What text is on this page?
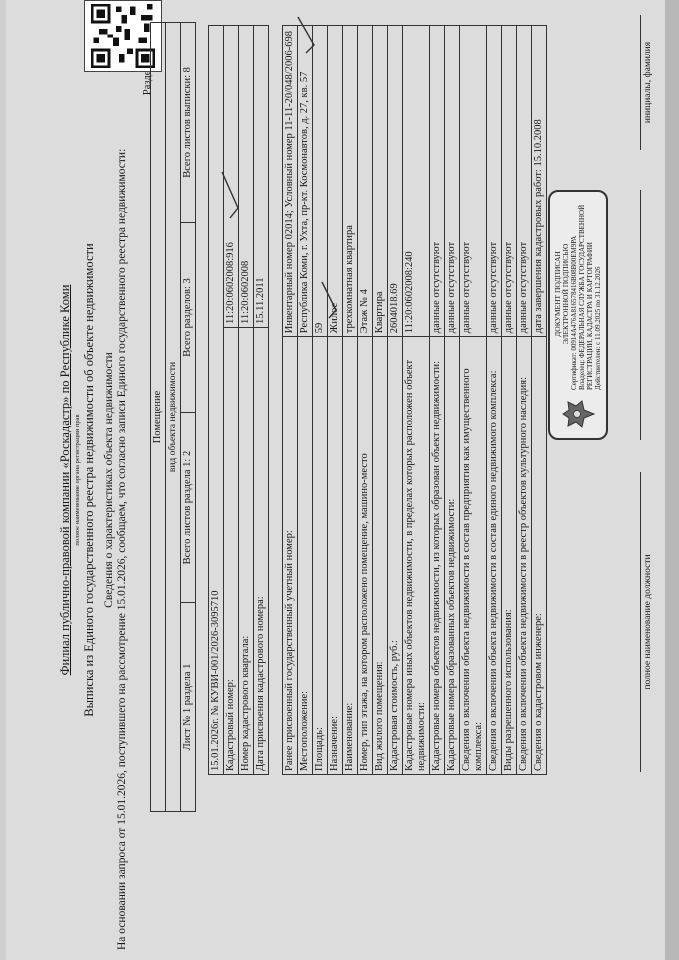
Филиал публично-правовой компании «Роскадастр» по Республике Коми полное наименование органа регистрации прав Выписка из Единого государственного реестра недвижимости об объекте недвижимости Сведения о характеристиках объекта недвижимости На основании запроса от 15.01.2026, поступившего на рассмотрение 15.01.2026, сообщаем, что согласно записи Единого государственного реестра недвижимости:
Раздел
Помещение
вид объекта недвижимости
Лист № 1 раздела 1	Всего листов раздела 1: 2	Всего разделов: 3	Всего листов выписки: 8
15.01.2026г. № КУВИ-001/2026-3095710	
Кадастровый номер:	11:20:0602008:916
Номер кадастрового квартала:	11:20:0602008
Дата присвоения кадастрового номера:	15.11.2011
Ранее присвоенный государственный учетный номер:	Инвентарный номер 02014; Условный номер 11-11-20/048/2006-698
Местоположение:	Республика Коми, г. Ухта, пр-кт. Космонавтов, д. 27, кв. 57
Площадь:	59
Назначение:	Жилое
Наименование:	трехкомнатная квартира
Номер, тип этажа, на котором расположено помещение, машино-место	Этаж № 4
Вид жилого помещения:	Квартира
Кадастровая стоимость, руб.:	2604018.69
Кадастровые номера иных объектов недвижимости, в пределах которых расположен объект недвижимости:	11:20:0602008:240
Кадастровые номера объектов недвижимости, из которых образован объект недвижимости:	данные отсутствуют
Кадастровые номера образованных объектов недвижимости:	данные отсутствуют
Сведения о включении объекта недвижимости в состав предприятия как имущественного комплекса:	данные отсутствуют
Сведения о включении объекта недвижимости в состав единого недвижимого комплекса:	данные отсутствуют
Виды разрешенного использования:	данные отсутствуют
Сведения о включении объекта недвижимости в реестр объектов культурного наследия:	данные отсутствуют
Сведения о кадастровом инженере:	дата завершения кадастровых работ: 15.10.2008
полное наименование должности
инициалы, фамилия
ДОКУМЕНТ ПОДПИСАН ЭЛЕКТРОННОЙ ПОДПИСЬЮ Сертификат: 00914А476A816578416В08В00ЕМ9РА Владелец: ФЕДЕРАЛЬНАЯ СЛУЖБА ГОСУДАРСТВЕННОЙ РЕГИСТРАЦИИ, КАДАСТРА И КАРТОГРАФИИ Действителен: с 11.09.2025 по 31.12.2026
